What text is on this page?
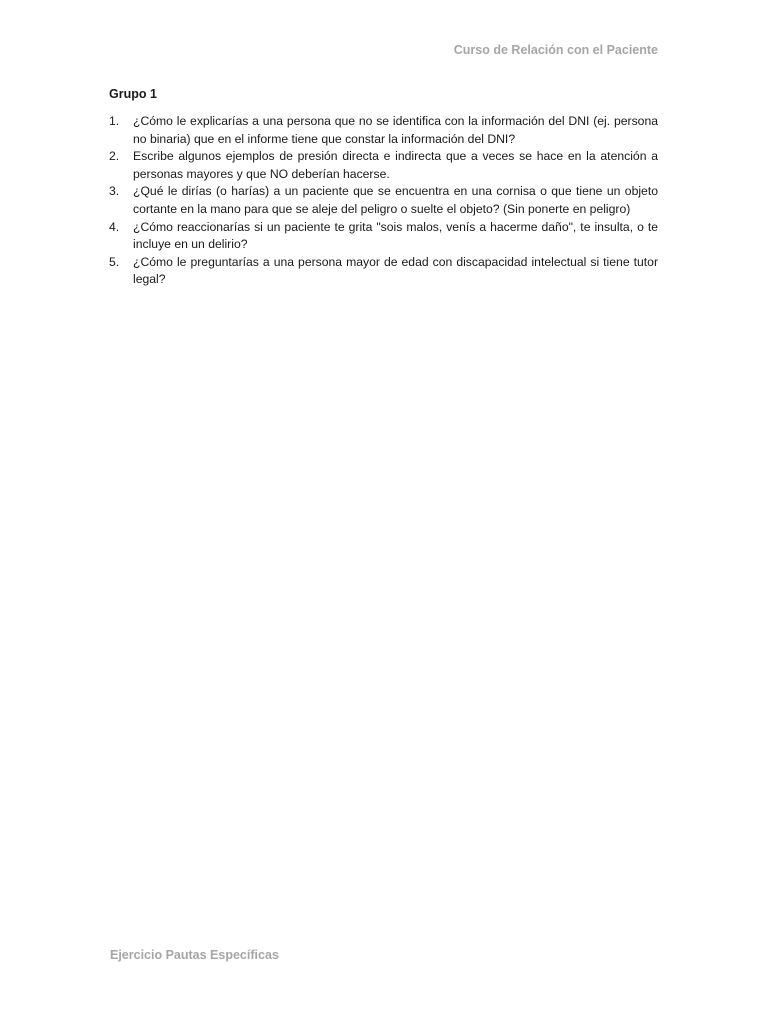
Curso de Relación con el Paciente
Grupo 1
1. ¿Cómo le explicarías a una persona que no se identifica con la información del DNI (ej. persona no binaria) que en el informe tiene que constar la información del DNI?
2. Escribe algunos ejemplos de presión directa e indirecta que a veces se hace en la atención a personas mayores y que NO deberían hacerse.
3. ¿Qué le dirías (o harías) a un paciente que se encuentra en una cornisa o que tiene un objeto cortante en la mano para que se aleje del peligro o suelte el objeto? (Sin ponerte en peligro)
4. ¿Cómo reaccionarías si un paciente te grita "sois malos, venís a hacerme daño", te insulta, o te incluye en un delirio?
5. ¿Cómo le preguntarías a una persona mayor de edad con discapacidad intelectual si tiene tutor legal?
Ejercicio Pautas Específicas
